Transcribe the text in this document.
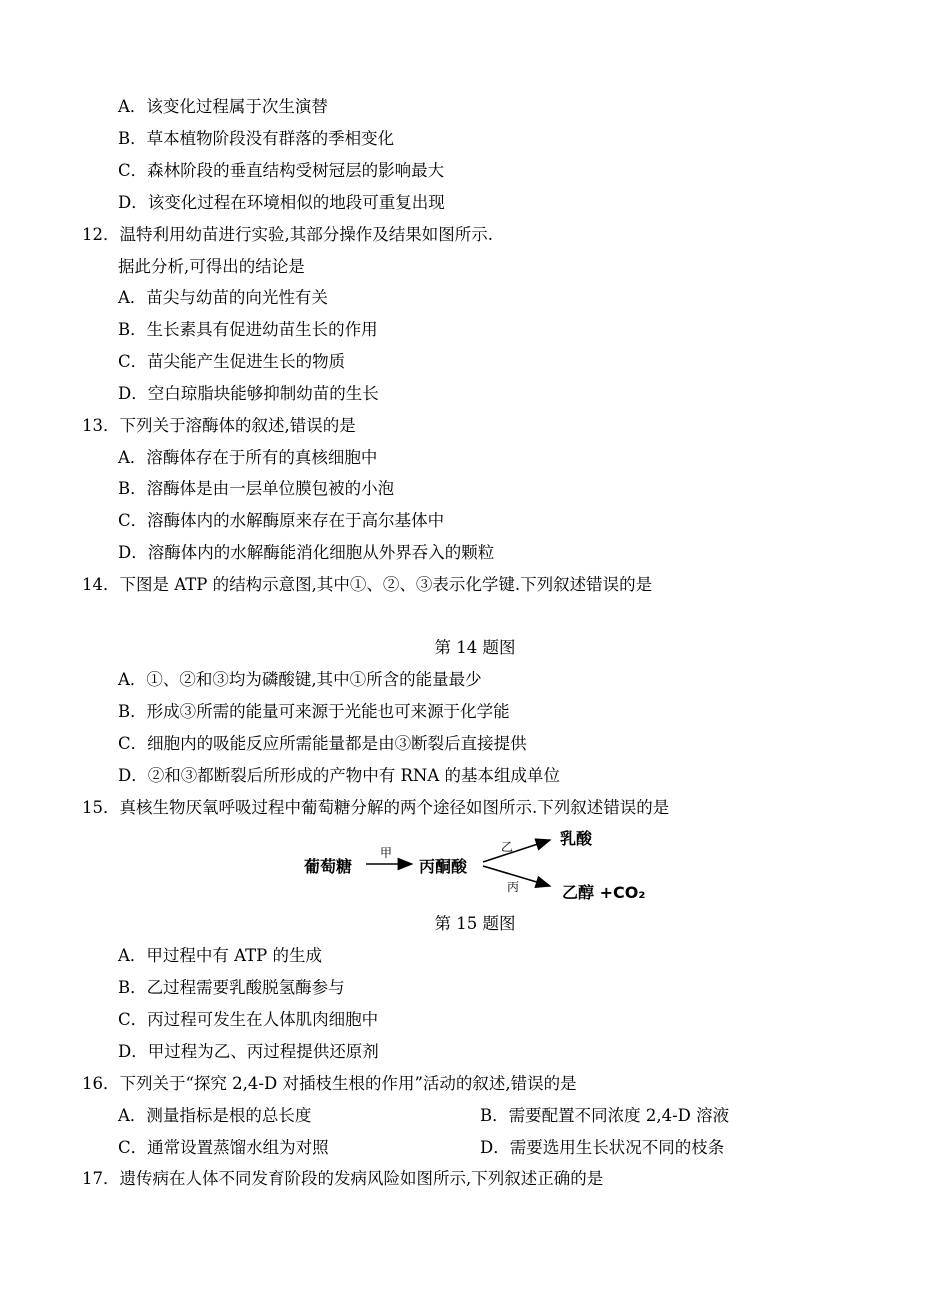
A．该变化过程属于次生演替
B．草本植物阶段没有群落的季相变化
C．森林阶段的垂直结构受树冠层的影响最大
D．该变化过程在环境相似的地段可重复出现
12．温特利用幼苗进行实验,其部分操作及结果如图所示.
据此分析,可得出的结论是
A．苗尖与幼苗的向光性有关
B．生长素具有促进幼苗生长的作用
C．苗尖能产生促进生长的物质
D．空白琼脂块能够抑制幼苗的生长
13．下列关于溶酶体的叙述,错误的是
A．溶酶体存在于所有的真核细胞中
B．溶酶体是由一层单位膜包被的小泡
C．溶酶体内的水解酶原来存在于高尔基体中
D．溶酶体内的水解酶能消化细胞从外界吞入的颗粒
14．下图是 ATP 的结构示意图,其中①、②、③表示化学键.下列叙述错误的是
第 14 题图
A．①、②和③均为磷酸键,其中①所含的能量最少
B．形成③所需的能量可来源于光能也可来源于化学能
C．细胞内的吸能反应所需能量都是由③断裂后直接提供
D．②和③都断裂后所形成的产物中有 RNA 的基本组成单位
15．真核生物厌氧呼吸过程中葡萄糖分解的两个途径如图所示.下列叙述错误的是
葡萄糖
甲
丙酮酸
乙
丙
乳酸
乙醇 +CO₂
第 15 题图
A．甲过程中有 ATP 的生成
B．乙过程需要乳酸脱氢酶参与
C．丙过程可发生在人体肌肉细胞中
D．甲过程为乙、丙过程提供还原剂
16．下列关于“探究 2,4-D 对插枝生根的作用”活动的叙述,错误的是
A．测量指标是根的总长度	B．需要配置不同浓度 2,4-D 溶液
C．通常设置蒸馏水组为对照	D．需要选用生长状况不同的枝条
17．遗传病在人体不同发育阶段的发病风险如图所示,下列叙述正确的是
